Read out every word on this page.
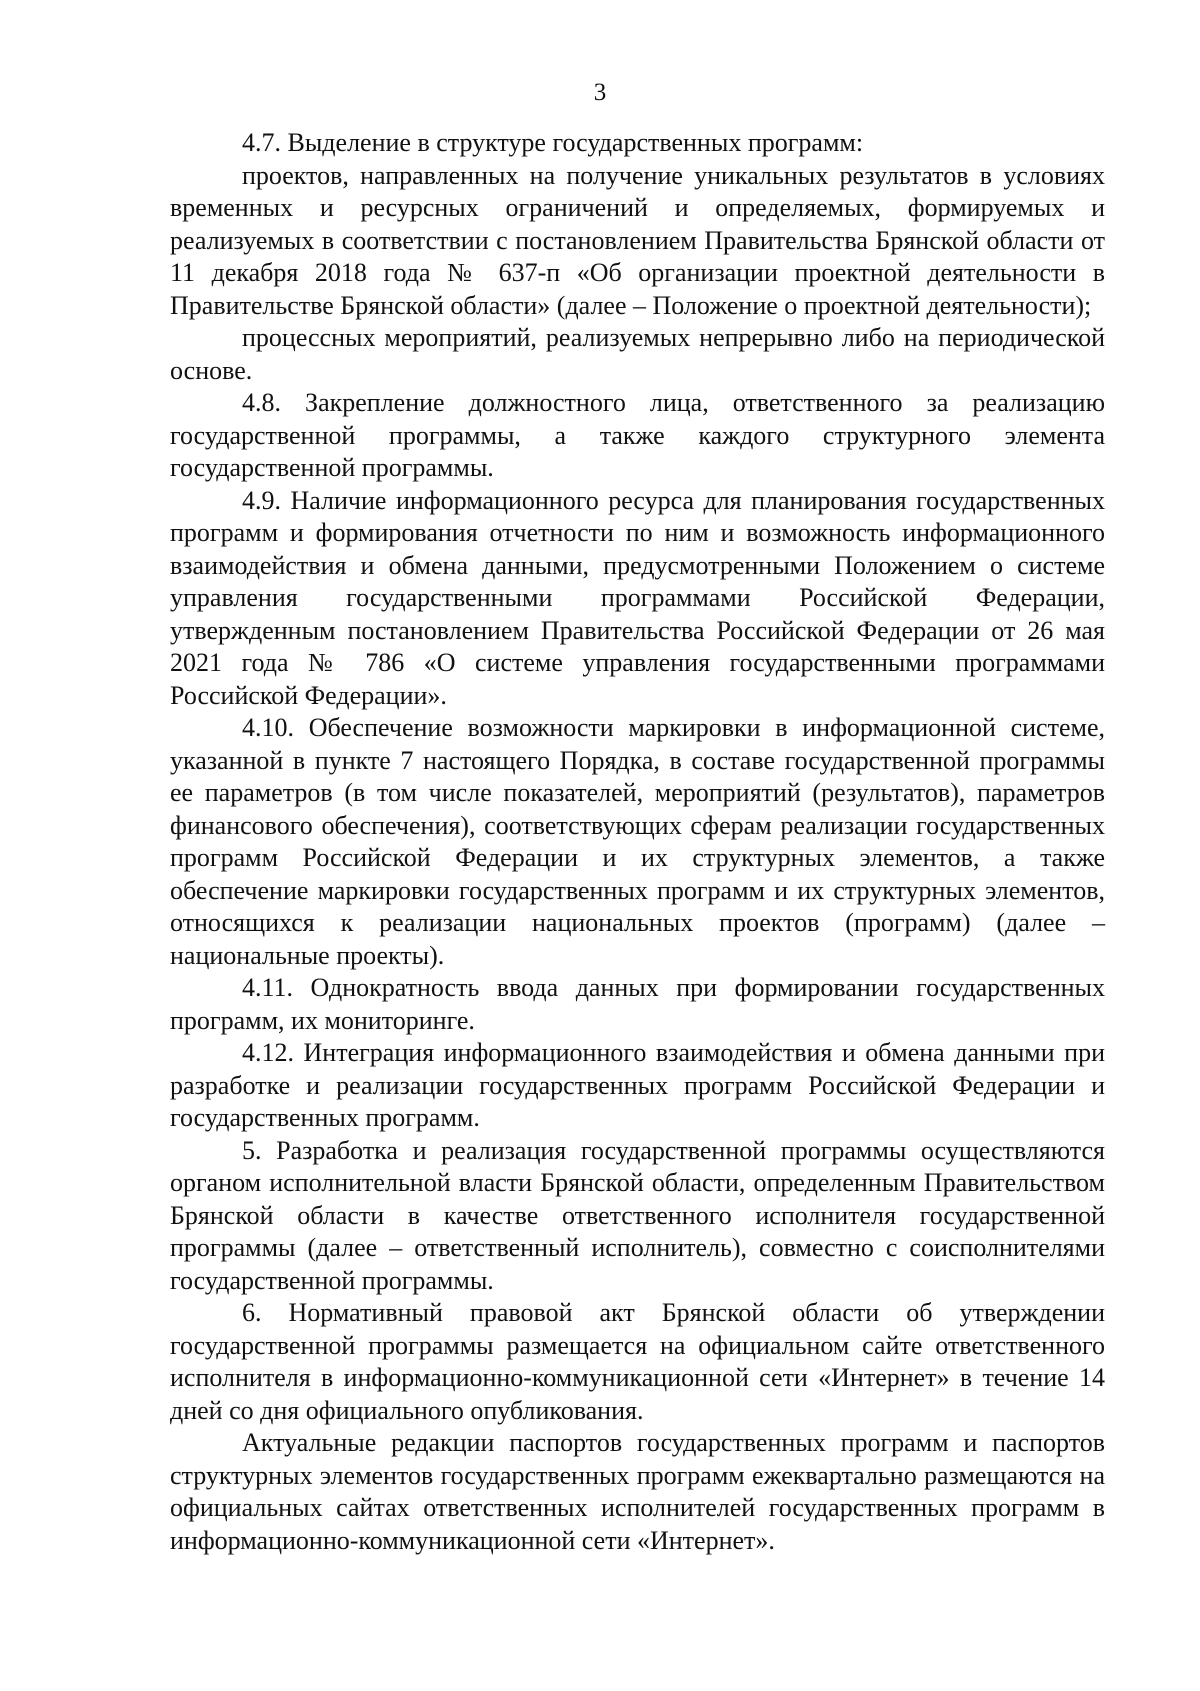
3

4.7. Выделение в структуре государственных программ:

проектов, направленных на получение уникальных результатов в условиях временных и ресурсных ограничений и определяемых, формируемых и реализуемых в соответствии с постановлением Правительства Брянской области от 11 декабря 2018 года № 637-п «Об организации проектной деятельности в Правительстве Брянской области» (далее – Положение о проектной деятельности);

процессных мероприятий, реализуемых непрерывно либо на периодической основе.

4.8. Закрепление должностного лица, ответственного за реализацию государственной программы, а также каждого структурного элемента государственной программы.

4.9. Наличие информационного ресурса для планирования государственных программ и формирования отчетности по ним и возможность информационного взаимодействия и обмена данными, предусмотренными Положением о системе управления государственными программами Российской Федерации, утвержденным постановлением Правительства Российской Федерации от 26 мая 2021 года № 786 «О системе управления государственными программами Российской Федерации».

4.10. Обеспечение возможности маркировки в информационной системе, указанной в пункте 7 настоящего Порядка, в составе государственной программы ее параметров (в том числе показателей, мероприятий (результатов), параметров финансового обеспечения), соответствующих сферам реализации государственных программ Российской Федерации и их структурных элементов, а также обеспечение маркировки государственных программ и их структурных элементов, относящихся к реализации национальных проектов (программ) (далее – национальные проекты).

4.11. Однократность ввода данных при формировании государственных программ, их мониторинге.

4.12. Интеграция информационного взаимодействия и обмена данными при разработке и реализации государственных программ Российской Федерации и государственных программ.

5. Разработка и реализация государственной программы осуществляются органом исполнительной власти Брянской области, определенным Правительством Брянской области в качестве ответственного исполнителя государственной программы (далее – ответственный исполнитель), совместно с соисполнителями государственной программы.

6. Нормативный правовой акт Брянской области об утверждении государственной программы размещается на официальном сайте ответственного исполнителя в информационно-коммуникационной сети «Интернет» в течение 14 дней со дня официального опубликования.

Актуальные редакции паспортов государственных программ и паспортов структурных элементов государственных программ ежеквартально размещаются на официальных сайтах ответственных исполнителей государственных программ в информационно-коммуникационной сети «Интернет».
